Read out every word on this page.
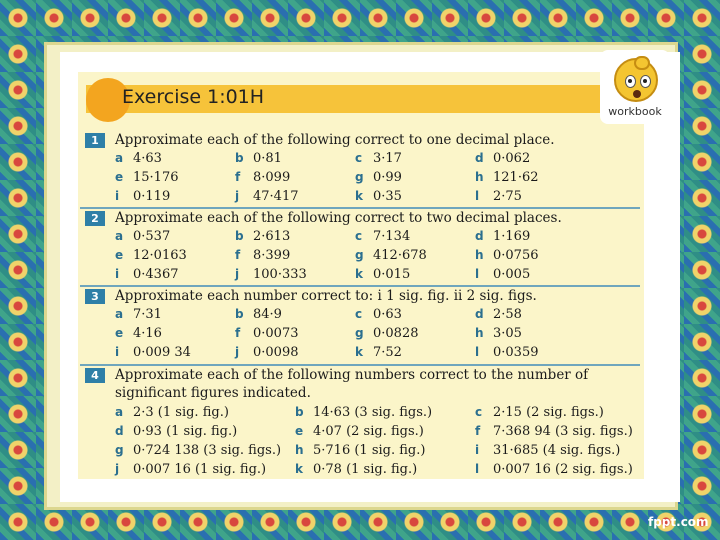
Exercise 1:01H
workbook
1	Approximate each of the following correct to one decimal place.
a 4·63	b 0·81	c 3·17	d 0·062
e 15·176	f 8·099	g 0·99	h 121·62
i 0·119	j 47·417	k 0·35	l 2·75
2	Approximate each of the following correct to two decimal places.
a 0·537	b 2·613	c 7·134	d 1·169
e 12·0163	f 8·399	g 412·678	h 0·0756
i 0·4367	j 100·333	k 0·015	l 0·005
3	Approximate each number correct to: i 1 sig. fig. ii 2 sig. figs.
a 7·31	b 84·9	c 0·63	d 2·58
e 4·16	f 0·0073	g 0·0828	h 3·05
i 0·009 34	j 0·0098	k 7·52	l 0·0359
4	Approximate each of the following numbers correct to the number of
significant figures indicated.
a 2·3 (1 sig. fig.)	b 14·63 (3 sig. figs.)	c 2·15 (2 sig. figs.)
d 0·93 (1 sig. fig.)	e 4·07 (2 sig. figs.)	f 7·368 94 (3 sig. figs.)
g 0·724 138 (3 sig. figs.) h 5·716 (1 sig. fig.)	i 31·685 (4 sig. figs.)
j 0·007 16 (1 sig. fig.) k 0·78 (1 sig. fig.)	l 0·007 16 (2 sig. figs.)
fppt.com
